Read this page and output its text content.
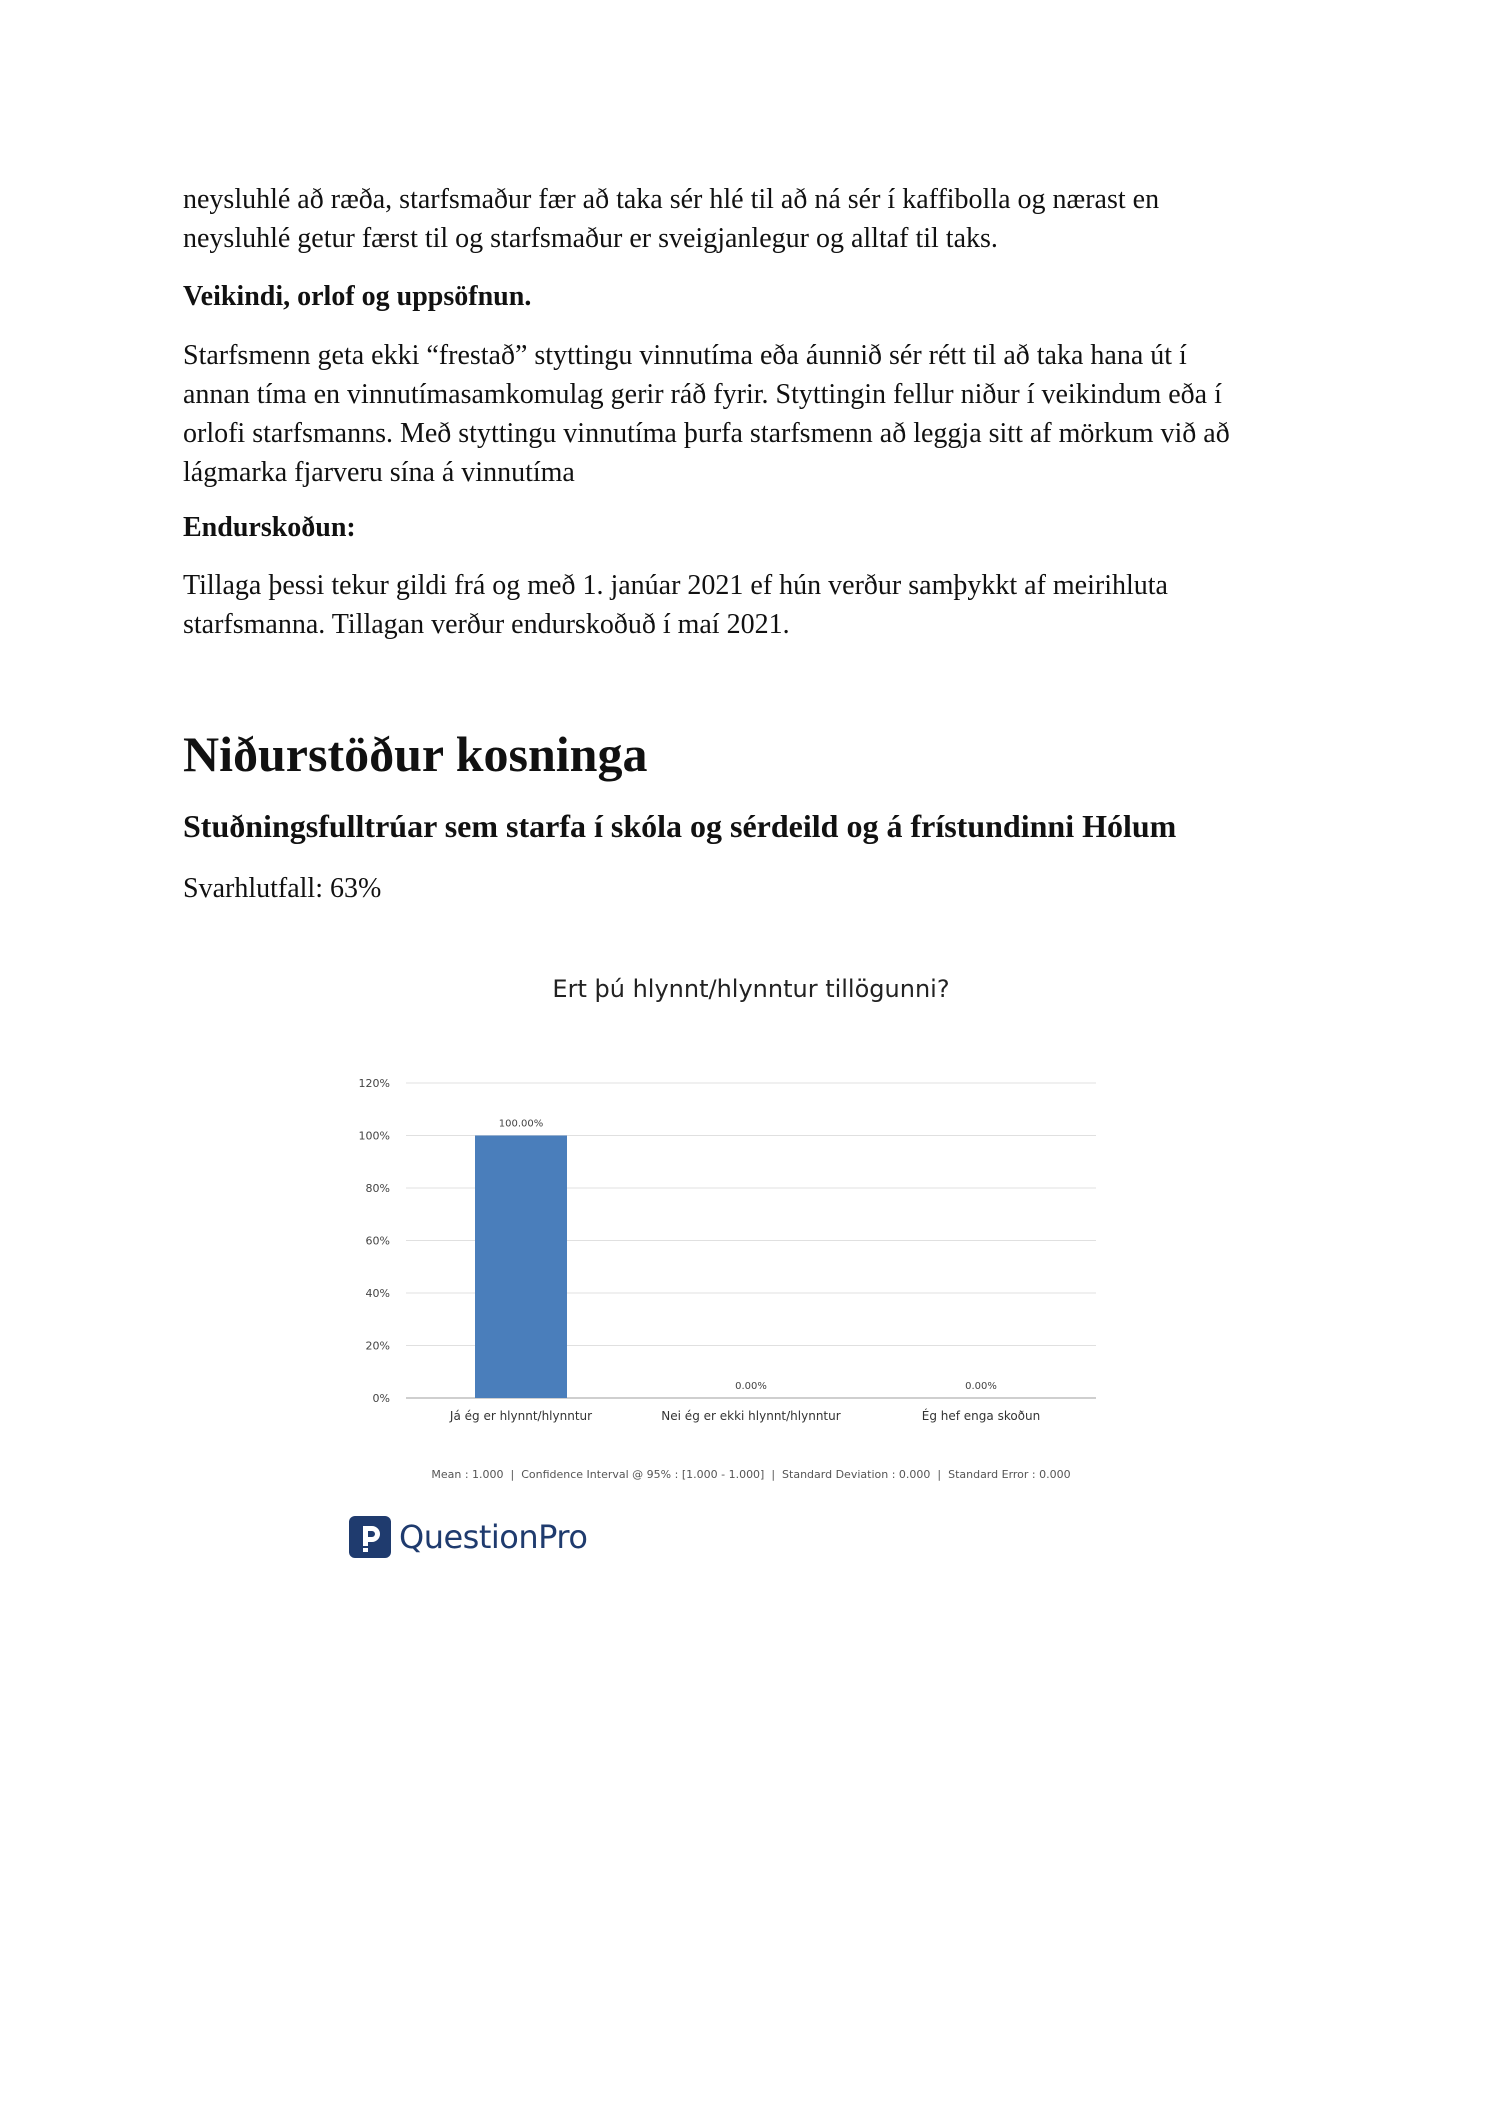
neysluhlé að ræða, starfsmaður fær að taka sér hlé til að ná sér í kaffibolla og nærast en

neysluhlé getur færst til og starfsmaður er sveigjanlegur og alltaf til taks.

Veikindi, orlof og uppsöfnun.

Starfsmenn geta ekki “frestað” styttingu vinnutíma eða áunnið sér rétt til að taka hana út í

annan tíma en vinnutímasamkomulag gerir ráð fyrir. Styttingin fellur niður í veikindum eða í

orlofi starfsmanns. Með styttingu vinnutíma þurfa starfsmenn að leggja sitt af mörkum við að

lágmarka fjarveru sína á vinnutíma

Endurskoðun:

Tillaga þessi tekur gildi frá og með 1. janúar 2021 ef hún verður samþykkt af meirihluta

starfsmanna. Tillagan verður endurskoðuð í maí 2021.

Niðurstöður kosninga
Stuðningsfulltrúar sem starfa í skóla og sérdeild og á frístundinni Hólum

Svarhlutfall: 63%

Ert þú hlynnt/hlynntur tillögunni?
0%
20%
40%
60%
80%
100%
120%
100.00%
Já ég er hlynnt/hlynntur
0.00%
Nei ég er ekki hlynnt/hlynntur
0.00%
Ég hef enga skoðun
Mean : 1.000  |  Confidence Interval @ 95% : [1.000 - 1.000]  |  Standard Deviation : 0.000  |  Standard Error : 0.000
QuestionPro
